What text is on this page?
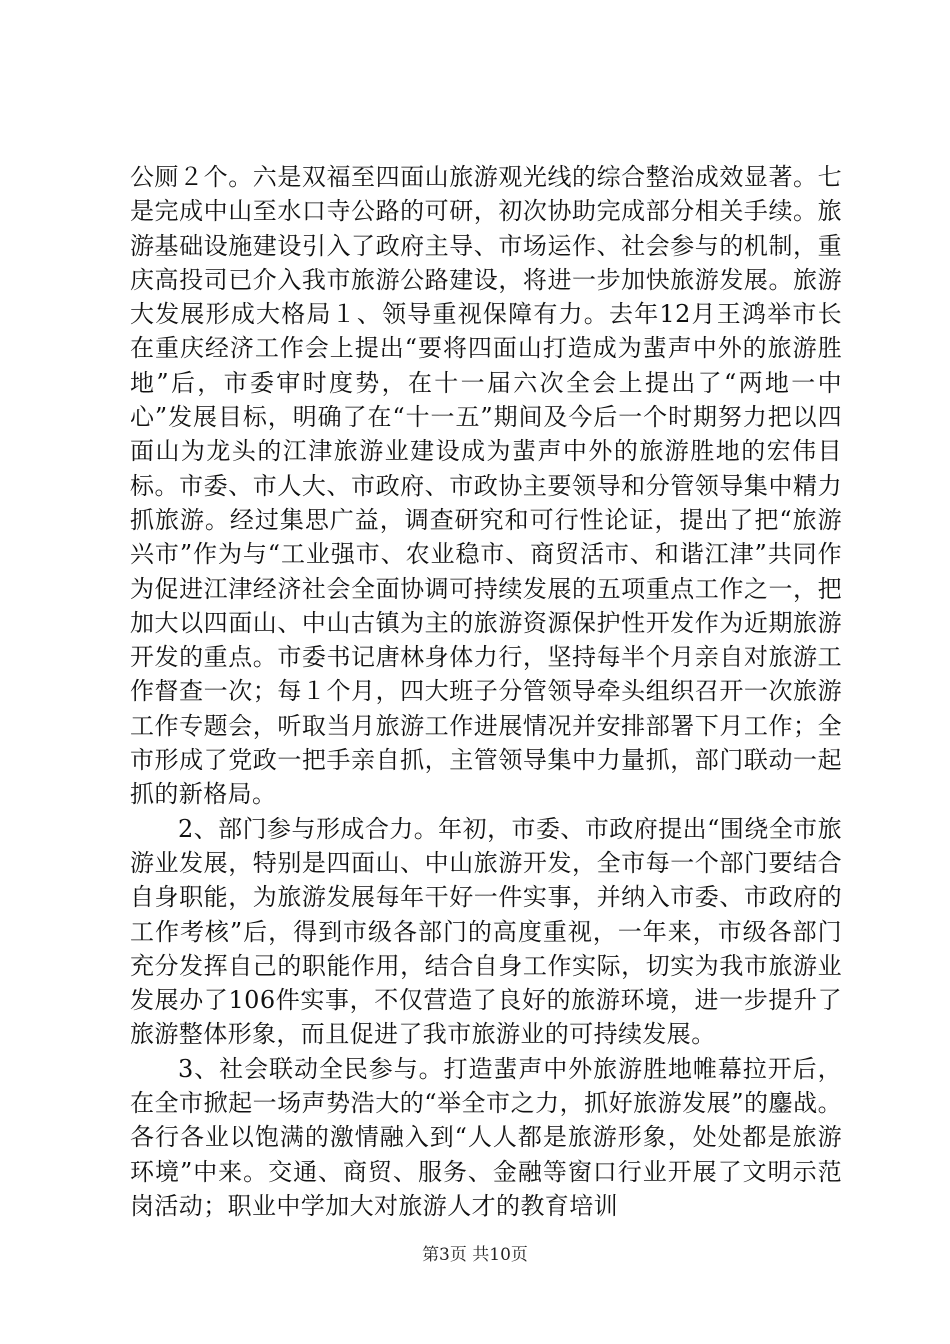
公厕２个。六是双福至四面山旅游观光线的综合整治成效显著。七是完成中山至水口寺公路的可研，初次协助完成部分相关手续。旅游基础设施建设引入了政府主导、市场运作、社会参与的机制，重庆高投司已介入我市旅游公路建设，将进一步加快旅游发展。旅游大发展形成大格局１、领导重视保障有力。去年12月王鸿举市长在重庆经济工作会上提出“要将四面山打造成为蜚声中外的旅游胜地”后，市委审时度势，在十一届六次全会上提出了“两地一中心”发展目标，明确了在“十一五”期间及今后一个时期努力把以四面山为龙头的江津旅游业建设成为蜚声中外的旅游胜地的宏伟目标。市委、市人大、市政府、市政协主要领导和分管领导集中精力抓旅游。经过集思广益，调查研究和可行性论证，提出了把“旅游兴市”作为与“工业强市、农业稳市、商贸活市、和谐江津”共同作为促进江津经济社会全面协调可持续发展的五项重点工作之一，把加大以四面山、中山古镇为主的旅游资源保护性开发作为近期旅游开发的重点。市委书记唐林身体力行，坚持每半个月亲自对旅游工作督查一次；每１个月，四大班子分管领导牵头组织召开一次旅游工作专题会，听取当月旅游工作进展情况并安排部署下月工作；全市形成了党政一把手亲自抓，主管领导集中力量抓，部门联动一起抓的新格局。

2、部门参与形成合力。年初，市委、市政府提出“围绕全市旅游业发展，特别是四面山、中山旅游开发，全市每一个部门要结合自身职能，为旅游发展每年干好一件实事，并纳入市委、市政府的工作考核”后，得到市级各部门的高度重视，一年来，市级各部门充分发挥自己的职能作用，结合自身工作实际，切实为我市旅游业发展办了106件实事，不仅营造了良好的旅游环境，进一步提升了旅游整体形象，而且促进了我市旅游业的可持续发展。

3、社会联动全民参与。打造蜚声中外旅游胜地帷幕拉开后，在全市掀起一场声势浩大的“举全市之力，抓好旅游发展”的鏖战。各行各业以饱满的激情融入到“人人都是旅游形象，处处都是旅游环境”中来。交通、商贸、服务、金融等窗口行业开展了文明示范岗活动；职业中学加大对旅游人才的教育培训

第3页 共10页
